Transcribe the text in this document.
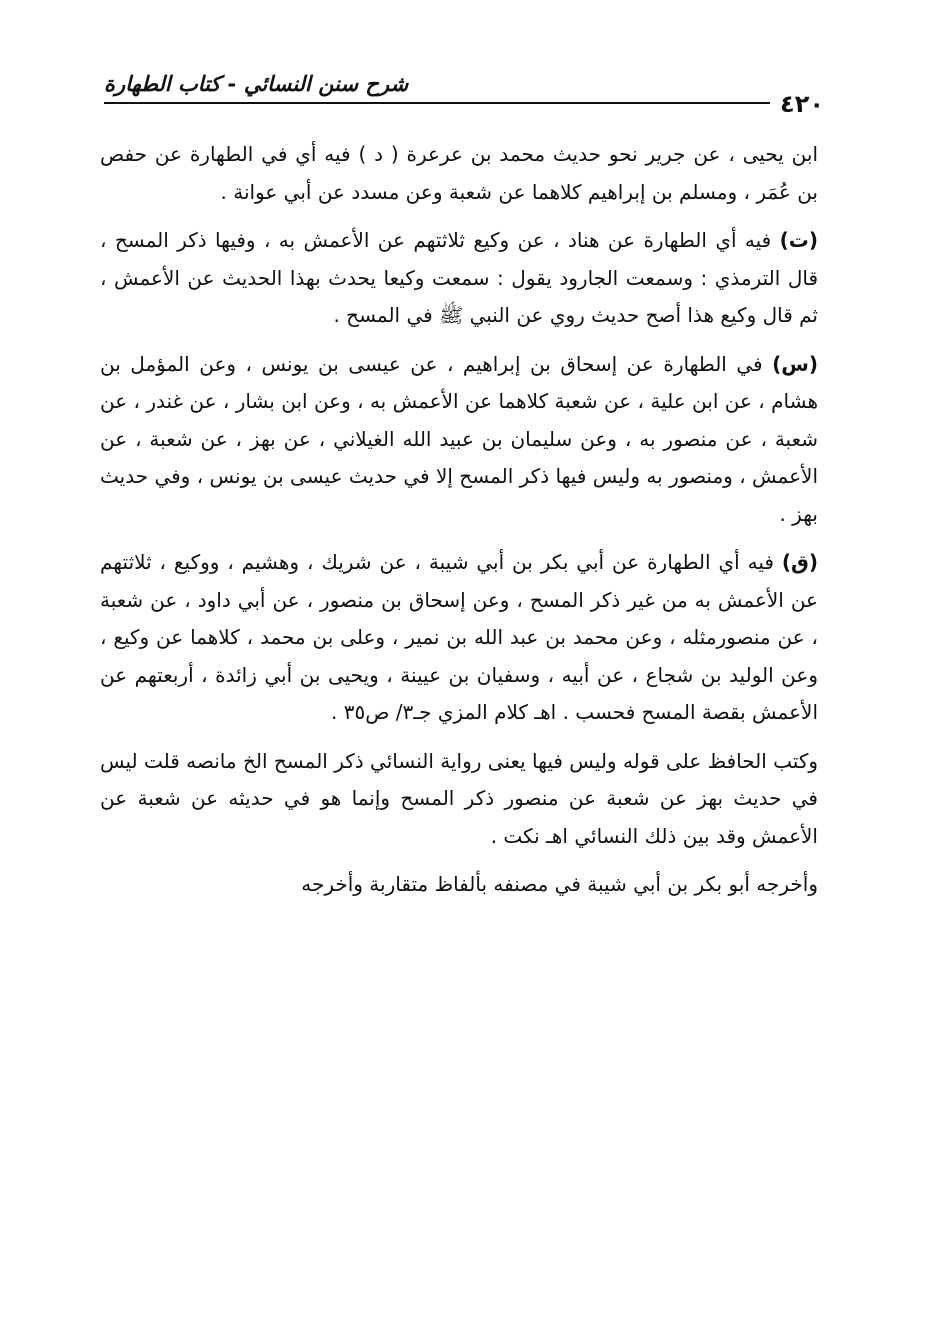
شرح سنن النسائي - كتاب الطهارة
٤٢٠

ابن يحيى ، عن جرير نحو حديث محمد بن عرعرة ( د ) فيه أي في الطهارة عن حفص بن عُمَر ، ومسلم بن إبراهيم كلاهما عن شعبة وعن مسدد عن أبي عوانة .

(ت) فيه أي الطهارة عن هناد ، عن وكيع ثلاثتهم عن الأعمش به ، وفيها ذكر المسح ، قال الترمذي : وسمعت الجارود يقول : سمعت وكيعا يحدث بهذا الحديث عن الأعمش ، ثم قال وكيع هذا أصح حديث روي عن النبي ﷺ في المسح .

(س) في الطهارة عن إسحاق بن إبراهيم ، عن عيسى بن يونس ، وعن المؤمل بن هشام ، عن ابن علية ، عن شعبة كلاهما عن الأعمش به ، وعن ابن بشار ، عن غندر ، عن شعبة ، عن منصور به ، وعن سليمان بن عبيد الله الغيلاني ، عن بهز ، عن شعبة ، عن الأعمش ، ومنصور به وليس فيها ذكر المسح إلا في حديث عيسى بن يونس ، وفي حديث بهز .

(ق) فيه أي الطهارة عن أبي بكر بن أبي شيبة ، عن شريك ، وهشيم ، ووكيع ، ثلاثتهم عن الأعمش به من غير ذكر المسح ، وعن إسحاق بن منصور ، عن أبي داود ، عن شعبة ، عن منصورمثله ، وعن محمد بن عبد الله بن نمير ، وعلى بن محمد ، كلاهما عن وكيع ، وعن الوليد بن شجاع ، عن أبيه ، وسفيان بن عيينة ، ويحيى بن أبي زائدة ، أربعتهم عن الأعمش بقصة المسح فحسب . اهـ كلام المزي جـ٣/ ص٣٥ .

وكتب الحافظ على قوله وليس فيها يعنى رواية النسائي ذكر المسح الخ مانصه قلت ليس في حديث بهز عن شعبة عن منصور ذكر المسح وإنما هو في حديثه عن شعبة عن الأعمش وقد بين ذلك النسائي اهـ نكت .

وأخرجه أبو بكر بن أبي شيبة في مصنفه بألفاظ متقاربة وأخرجه
